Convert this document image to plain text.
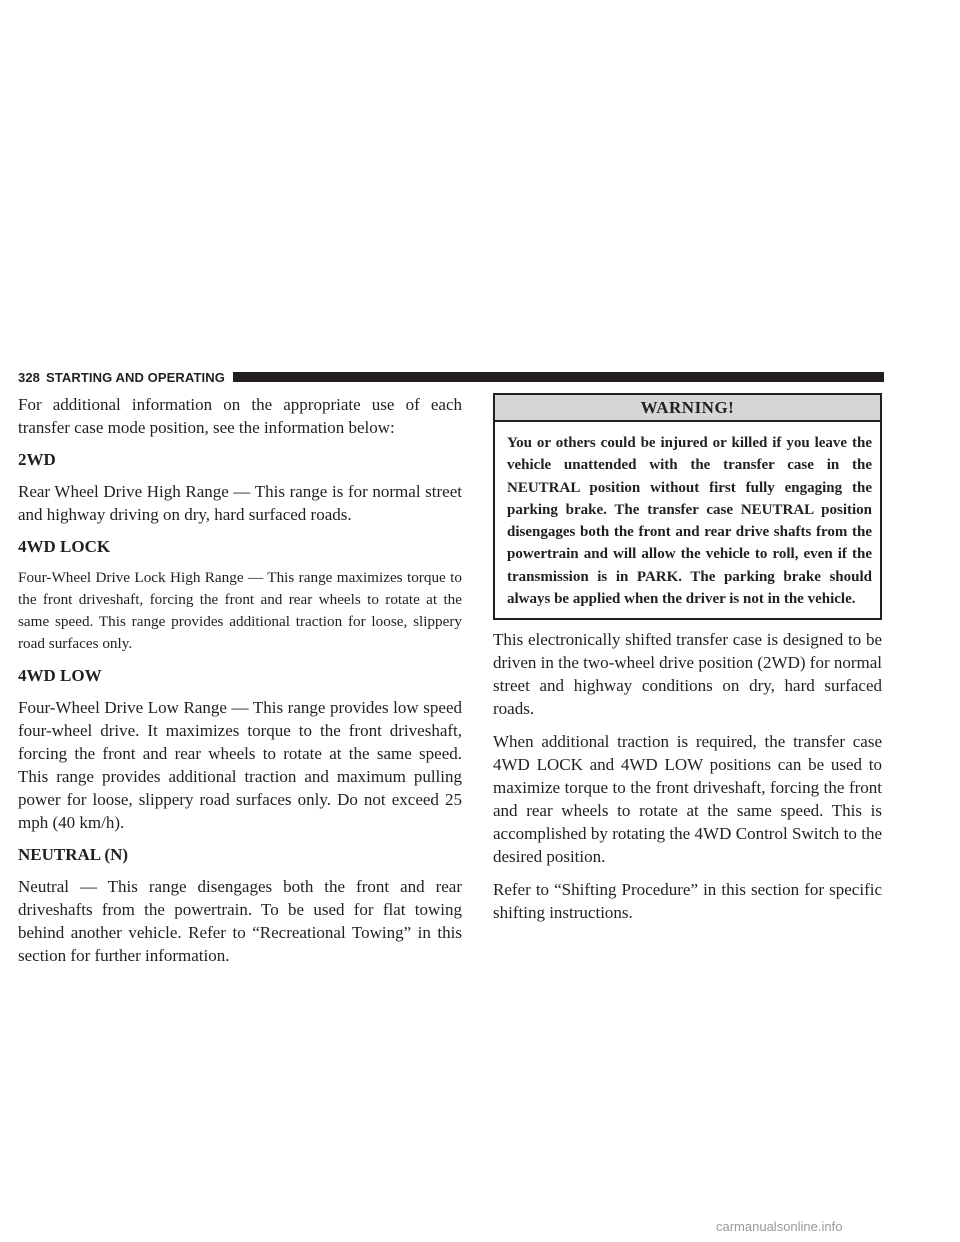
328 STARTING AND OPERATING

For additional information on the appropriate use of each transfer case mode position, see the information below:

2WD

Rear Wheel Drive High Range — This range is for normal street and highway driving on dry, hard surfaced roads.

4WD LOCK

Four-Wheel Drive Lock High Range — This range maximizes torque to the front driveshaft, forcing the front and rear wheels to rotate at the same speed. This range provides additional traction for loose, slippery road surfaces only.

4WD LOW

Four-Wheel Drive Low Range — This range provides low speed four-wheel drive. It maximizes torque to the front driveshaft, forcing the front and rear wheels to rotate at the same speed. This range provides additional traction and maximum pulling power for loose, slippery road surfaces only. Do not exceed 25 mph (40 km/h).

NEUTRAL (N)

Neutral — This range disengages both the front and rear driveshafts from the powertrain. To be used for flat towing behind another vehicle. Refer to “Recreational Towing” in this section for further information.

WARNING!
You or others could be injured or killed if you leave the vehicle unattended with the transfer case in the NEUTRAL position without first fully engaging the parking brake. The transfer case NEUTRAL position disengages both the front and rear drive shafts from the powertrain and will allow the vehicle to roll, even if the transmission is in PARK. The parking brake should always be applied when the driver is not in the vehicle.

This electronically shifted transfer case is designed to be driven in the two-wheel drive position (2WD) for normal street and highway conditions on dry, hard surfaced roads.

When additional traction is required, the transfer case 4WD LOCK and 4WD LOW positions can be used to maximize torque to the front driveshaft, forcing the front and rear wheels to rotate at the same speed. This is accomplished by rotating the 4WD Control Switch to the desired position.

Refer to “Shifting Procedure” in this section for specific shifting instructions.

carmanualsonline.info
